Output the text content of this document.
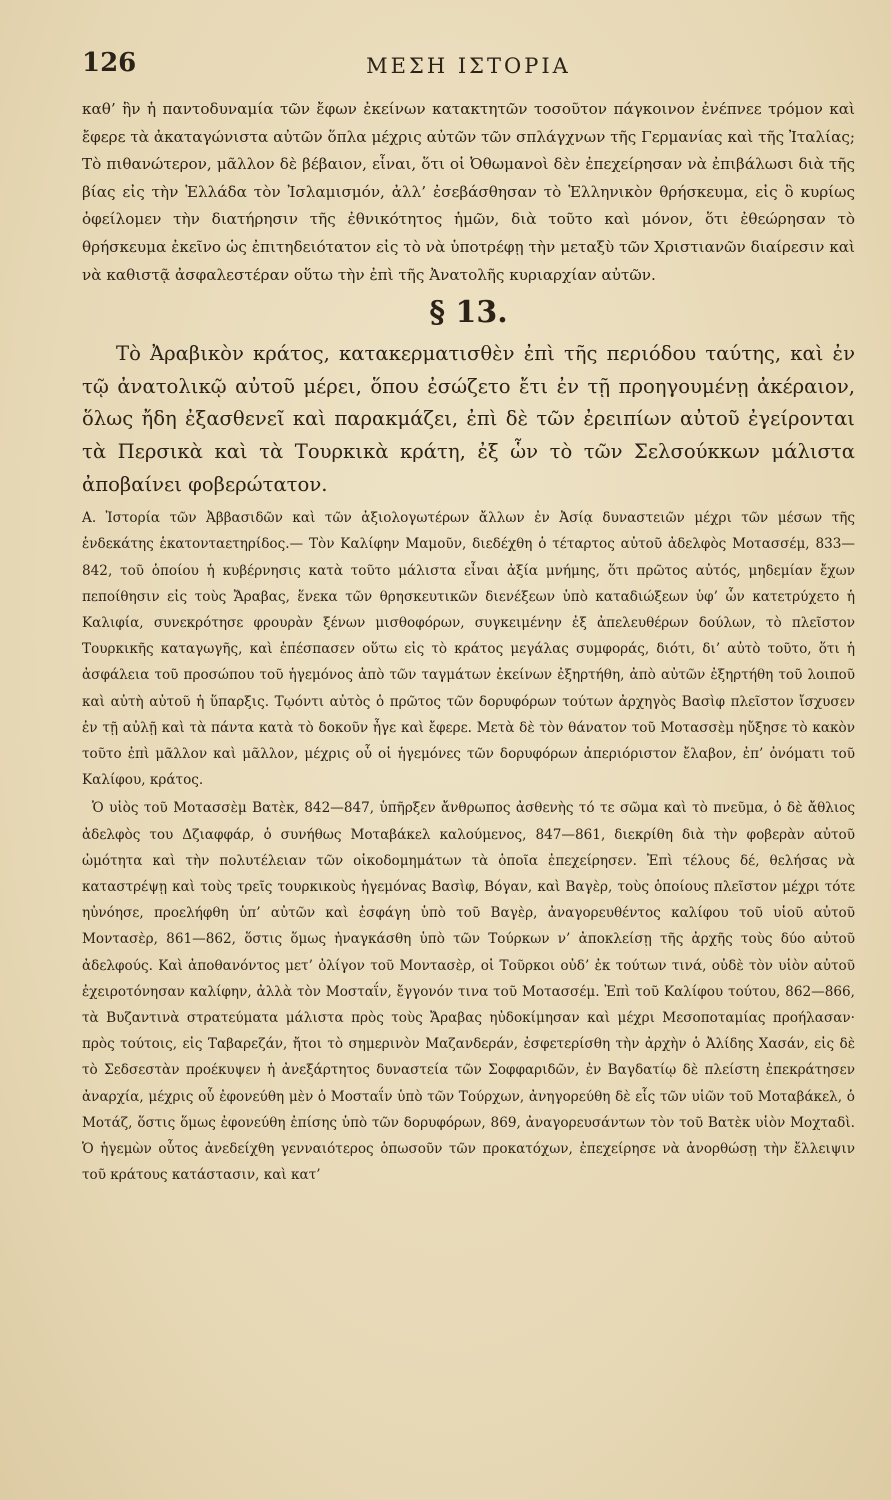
126	ΜΕΣΗ ΙΣΤΟΡΙΑ

καθ’ ἣν ἡ παντοδυναμία τῶν ἔφων ἐκείνων κατακτητῶν τοσοῦτον πάγκοινον ἐνέπνεε τρόμον καὶ ἔφερε τὰ ἀκαταγώνιστα αὐτῶν ὅπλα μέχρις αὐτῶν τῶν σπλάγχνων τῆς Γερμανίας καὶ τῆς Ἰταλίας; Τὸ πιθανώτερον, μᾶλλον δὲ βέβαιον, εἶναι, ὅτι οἱ Ὀθωμανοὶ δὲν ἐπεχείρησαν νὰ ἐπιβάλωσι διὰ τῆς βίας εἰς τὴν Ἑλλάδα τὸν Ἰσλαμισμόν, ἀλλ’ ἐσεβάσθησαν τὸ Ἑλληνικὸν θρήσκευμα, εἰς ὃ κυρίως ὀφείλομεν τὴν διατήρησιν τῆς ἐθνικότητος ἡμῶν, διὰ τοῦτο καὶ μόνον, ὅτι ἐθεώρησαν τὸ θρήσκευμα ἐκεῖνο ὡς ἐπιτηδειότατον εἰς τὸ νὰ ὑποτρέφῃ τὴν μεταξὺ τῶν Χριστιανῶν διαίρεσιν καὶ νὰ καθιστᾷ ἀσφαλεστέραν οὕτω τὴν ἐπὶ τῆς Ἀνατολῆς κυριαρχίαν αὐτῶν.

§ 13.

Τὸ Ἀραβικὸν κράτος, κατακερματισθὲν ἐπὶ τῆς περιόδου ταύτης, καὶ ἐν τῷ ἀνατολικῷ αὐτοῦ μέρει, ὅπου ἐσώζετο ἔτι ἐν τῇ προηγουμένῃ ἀκέραιον, ὅλως ἤδη ἐξασθενεῖ καὶ παρακμάζει, ἐπὶ δὲ τῶν ἐρειπίων αὐτοῦ ἐγείρονται τὰ Περσικὰ καὶ τὰ Τουρκικὰ κράτη, ἐξ ὧν τὸ τῶν Σελσούκκων μάλιστα ἀποβαίνει φοβερώτατον.

Α. Ἱστορία τῶν Ἀββασιδῶν καὶ τῶν ἀξιολογωτέρων ἄλλων ἐν Ἀσίᾳ δυναστειῶν μέχρι τῶν μέσων τῆς ἑνδεκάτης ἑκατονταετηρίδος.— Τὸν Καλίφην Μαμοῦν, διεδέχθη ὁ τέταρτος αὐτοῦ ἀδελφὸς Μοτασσέμ, 833—842, τοῦ ὁποίου ἡ κυβέρνησις κατὰ τοῦτο μάλιστα εἶναι ἀξία μνήμης, ὅτι πρῶτος αὐτός, μηδεμίαν ἔχων πεποίθησιν εἰς τοὺς Ἄραβας, ἕνεκα τῶν θρησκευτικῶν διενέξεων ὑπὸ καταδιώξεων ὑφ’ ὧν κατετρύχετο ἡ Καλιφία, συνεκρότησε φρουρὰν ξένων μισθοφόρων, συγκειμένην ἐξ ἀπελευθέρων δούλων, τὸ πλεῖστον Τουρκικῆς καταγωγῆς, καὶ ἐπέσπασεν οὕτω εἰς τὸ κράτος μεγάλας συμφοράς, διότι, δι’ αὐτὸ τοῦτο, ὅτι ἡ ἀσφάλεια τοῦ προσώπου τοῦ ἡγεμόνος ἀπὸ τῶν ταγμάτων ἐκείνων ἐξηρτήθη, ἀπὸ αὐτῶν ἐξηρτήθη τοῦ λοιποῦ καὶ αὐτὴ αὐτοῦ ἡ ὕπαρξις. Τῳόντι αὐτὸς ὁ πρῶτος τῶν δορυφόρων τούτων ἀρχηγὸς Βασὶφ πλεῖστον ἴσχυσεν ἐν τῇ αὐλῇ καὶ τὰ πάντα κατὰ τὸ δοκοῦν ἦγε καὶ ἔφερε. Μετὰ δὲ τὸν θάνατον τοῦ Μοτασσὲμ ηὔξησε τὸ κακὸν τοῦτο ἐπὶ μᾶλλον καὶ μᾶλλον, μέχρις οὗ οἱ ἡγεμόνες τῶν δορυφόρων ἀπεριόριστον ἔλαβον, ἐπ’ ὀνόματι τοῦ Καλίφου, κράτος.

Ὁ υἱὸς τοῦ Μοτασσὲμ Βατὲκ, 842—847, ὑπῆρξεν ἄνθρωπος ἀσθενὴς τό τε σῶμα καὶ τὸ πνεῦμα, ὁ δὲ ἄθλιος ἀδελφὸς του Δζιαφφάρ, ὁ συνήθως Μοταβάκελ καλούμενος, 847—861, διεκρίθη διὰ τὴν φοβερὰν αὐτοῦ ὠμότητα καὶ τὴν πολυτέλειαν τῶν οἰκοδομημάτων τὰ ὁποῖα ἐπεχείρησεν. Ἐπὶ τέλους δέ, θελήσας νὰ καταστρέψῃ καὶ τοὺς τρεῖς τουρκικοὺς ἡγεμόνας Βασὶφ, Βόγαν, καὶ Βαγὲρ, τοὺς ὁποίους πλεῖστον μέχρι τότε ηὐνόησε, προελήφθη ὑπ’ αὐτῶν καὶ ἐσφάγη ὑπὸ τοῦ Βαγὲρ, ἀναγορευθέντος καλίφου τοῦ υἱοῦ αὐτοῦ Μοντασὲρ, 861—862, ὅστις ὅμως ἠναγκάσθη ὑπὸ τῶν Τούρκων ν’ ἀποκλείσῃ τῆς ἀρχῆς τοὺς δύο αὐτοῦ ἀδελφούς. Καὶ ἀποθανόντος μετ’ ὀλίγον τοῦ Μοντασὲρ, οἱ Τοῦρκοι οὐδ’ ἐκ τούτων τινά, οὐδὲ τὸν υἱὸν αὐτοῦ ἐχειροτόνησαν καλίφην, ἀλλὰ τὸν Μοσταΐν, ἔγγονόν τινα τοῦ Μοτασσέμ. Ἐπὶ τοῦ Καλίφου τούτου, 862—866, τὰ Βυζαντινὰ στρατεύματα μάλιστα πρὸς τοὺς Ἄραβας ηὐδοκίμησαν καὶ μέχρι Μεσοποταμίας προήλασαν· πρὸς τούτοις, εἰς Ταβαρεζάν, ἤτοι τὸ σημερινὸν Μαζανδεράν, ἐσφετερίσθη τὴν ἀρχὴν ὁ Ἀλίδης Χασάν, εἰς δὲ τὸ Σεδσεστὰν προέκυψεν ἡ ἀνεξάρτητος δυναστεία τῶν Σοφφαριδῶν, ἐν Βαγδατίῳ δὲ πλείστη ἐπεκράτησεν ἀναρχία, μέχρις οὗ ἐφονεύθη μὲν ὁ Μοσταΐν ὑπὸ τῶν Τούρχων, ἀνηγορεύθη δὲ εἷς τῶν υἱῶν τοῦ Μοταβάκελ, ὁ Μοτάζ, ὅστις ὅμως ἐφονεύθη ἐπίσης ὑπὸ τῶν δορυφόρων, 869, ἀναγορευσάντων τὸν τοῦ Βατὲκ υἱὸν Μοχταδὶ. Ὁ ἡγεμὼν οὗτος ἀνεδείχθη γενναιότερος ὁπωσοῦν τῶν προκατόχων, ἐπεχείρησε νὰ ἀνορθώσῃ τὴν ἔλλειψιν τοῦ κράτους κατάστασιν, καὶ κατ’
